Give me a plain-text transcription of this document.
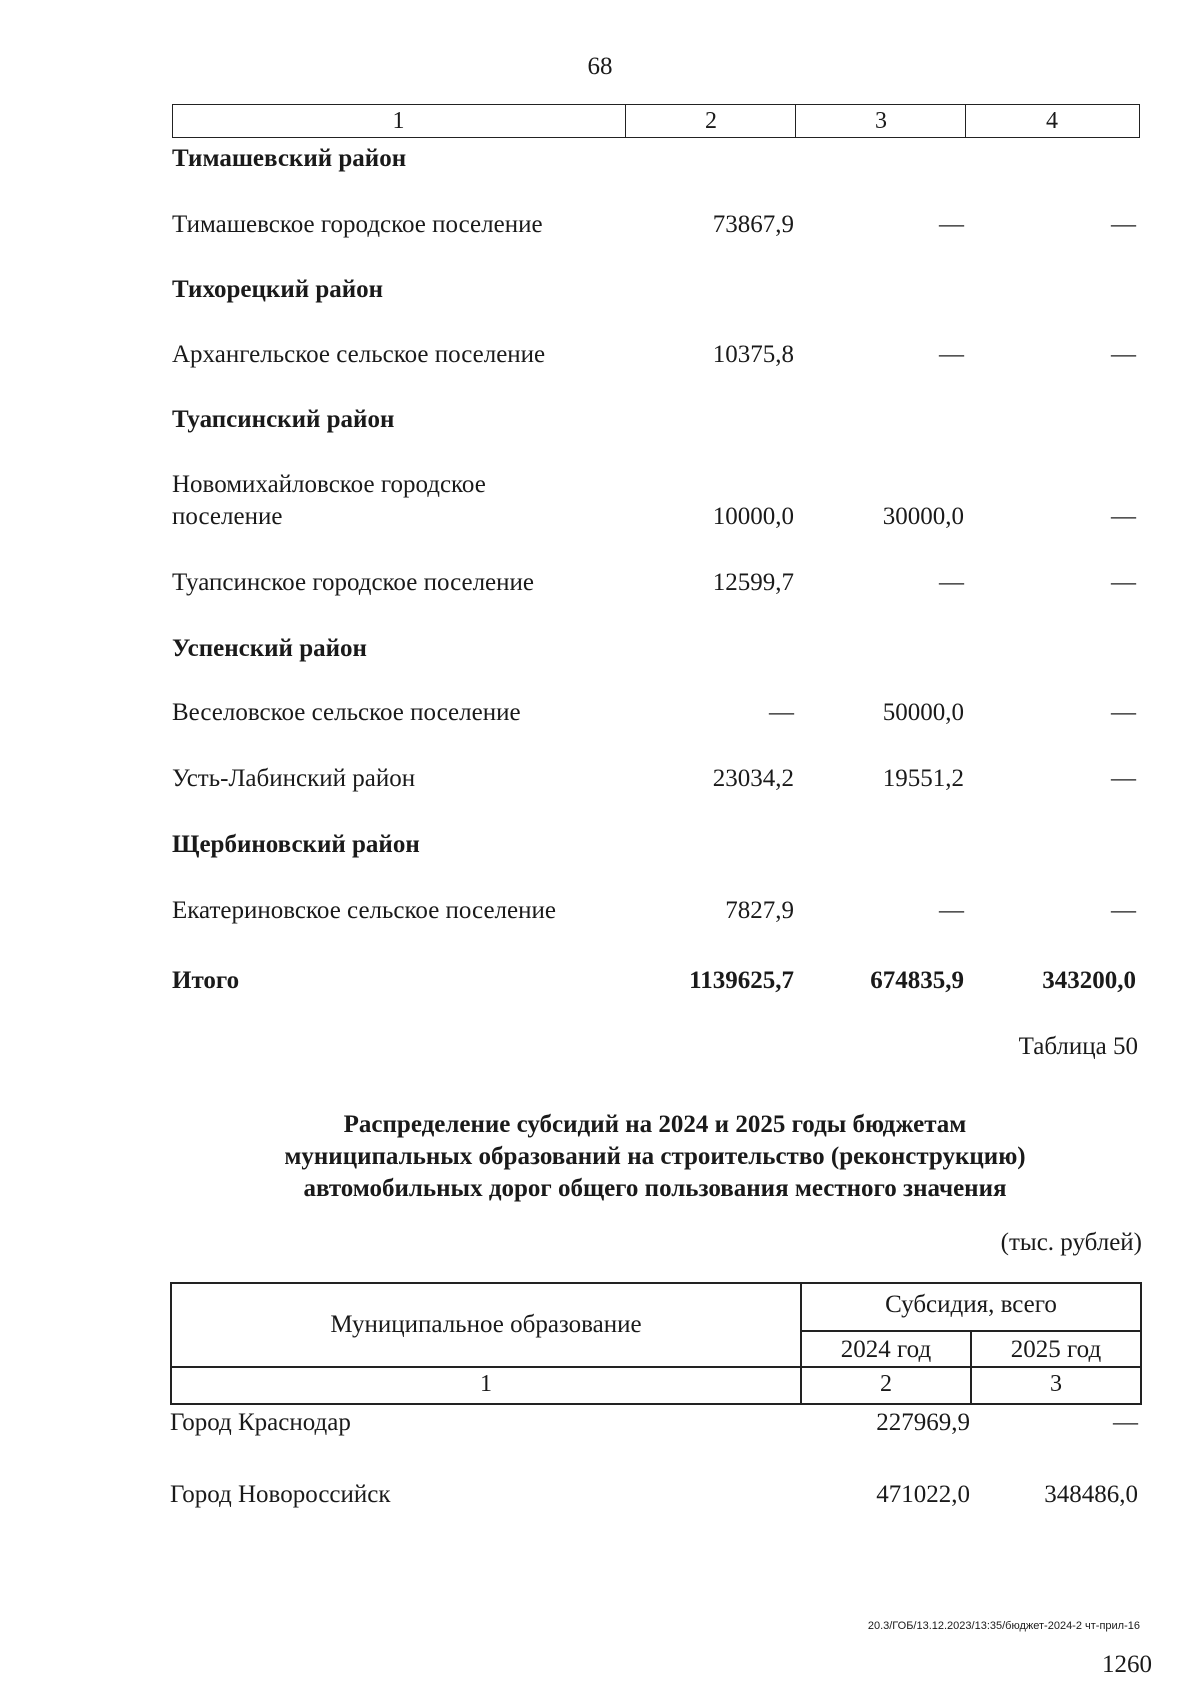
68
1	2	3	4
Тимашевский район
Тимашевское городское поселение	73867,9	—	—
Тихорецкий район
Архангельское сельское поселение	10375,8	—	—
Туапсинский район
Новомихайловское городское
поселение	10000,0	30000,0	—
Туапсинское городское поселение	12599,7	—	—
Успенский район
Веселовское сельское поселение	—	50000,0	—
Усть-Лабинский район	23034,2	19551,2	—
Щербиновский район
Екатериновское сельское поселение	7827,9	—	—
Итого	1139625,7	674835,9	343200,0
Таблица 50
Распределение субсидий на 2024 и 2025 годы бюджетам
муниципальных образований на строительство (реконструкцию)
автомобильных дорог общего пользования местного значения
(тыс. рублей)
Муниципальное образование
Субсидия, всего
2024 год	2025 год
1	2	3
Город Краснодар	227969,9	—
Город Новороссийск	471022,0	348486,0
20.3/ГОБ/13.12.2023/13:35/бюджет-2024-2 чт-прил-16
1260
